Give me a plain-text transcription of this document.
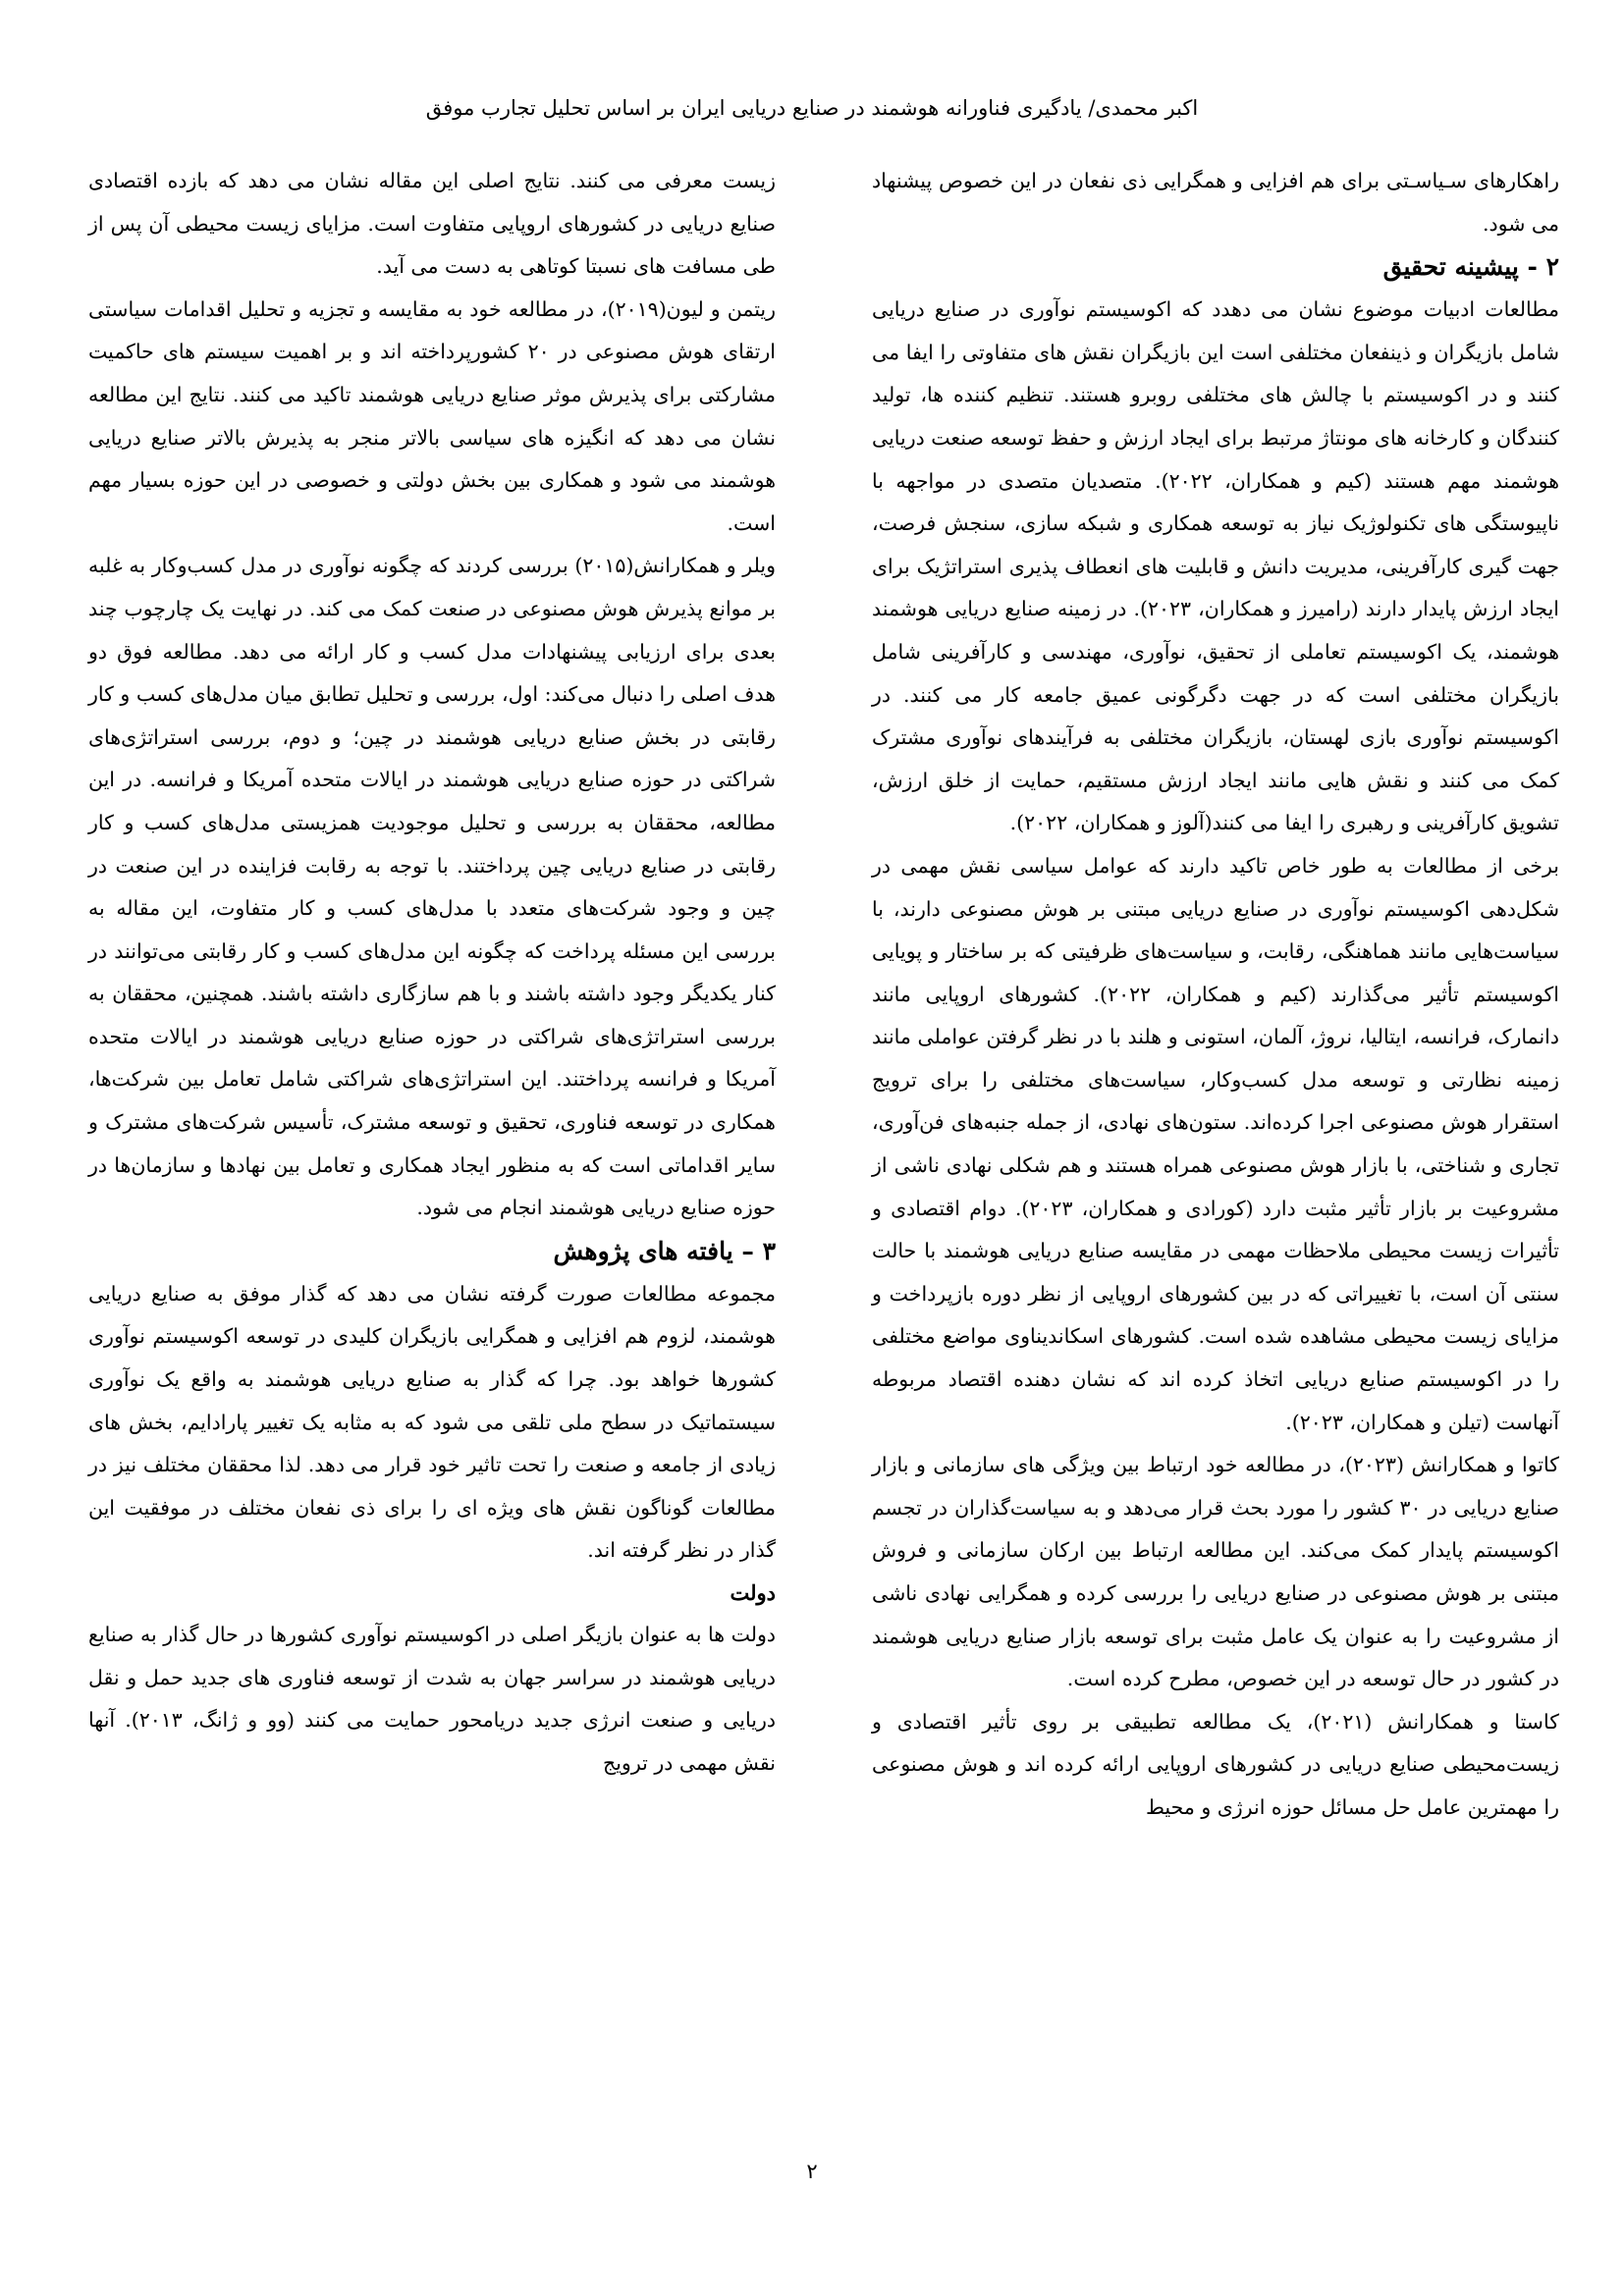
اکبر محمدی/ یادگیری فناورانه هوشمند در صنایع دریایی ایران بر اساس تحلیل تجارب موفق

راهکارهای سـیاسـتی برای هم افزایی و همگرایی ذی نفعان در این خصوص پیشنهاد می شود.

۲ - پیشینه تحقیق

مطالعات ادبیات موضوع نشان می دهدد که اکوسیستم نوآوری در صنایع دریایی شامل بازیگران و ذینفعان مختلفی است این بازیگران نقش های متفاوتی را ایفا می کنند و در اکوسیستم با چالش های مختلفی روبرو هستند. تنظیم کننده ها، تولید کنندگان و کارخانه های مونتاژ مرتبط برای ایجاد ارزش و حفظ توسعه صنعت دریایی هوشمند مهم هستند (کیم و همکاران، ۲۰۲۲). متصدیان متصدی در مواجهه با ناپیوستگی های تکنولوژیک نیاز به توسعه همکاری و شبکه سازی، سنجش فرصت، جهت گیری کارآفرینی، مدیریت دانش و قابلیت های انعطاف پذیری استراتژیک برای ایجاد ارزش پایدار دارند (رامیرز و همکاران، ۲۰۲۳). در زمینه صنایع دریایی هوشمند هوشمند، یک اکوسیستم تعاملی از تحقیق، نوآوری، مهندسی و کارآفرینی شامل بازیگران مختلفی است که در جهت دگرگونی عمیق جامعه کار می کنند. در اکوسیستم نوآوری بازی لهستان، بازیگران مختلفی به فرآیندهای نوآوری مشترک کمک می کنند و نقش هایی مانند ایجاد ارزش مستقیم، حمایت از خلق ارزش، تشویق کارآفرینی و رهبری را ایفا می کنند(آلوز و همکاران، ۲۰۲۲).

برخی از مطالعات به طور خاص تاکید دارند که عوامل سیاسی نقش مهمی در شکل‌دهی اکوسیستم نوآوری در صنایع دریایی مبتنی بر هوش مصنوعی دارند، با سیاست‌هایی مانند هماهنگی، رقابت، و سیاست‌های ظرفیتی که بر ساختار و پویایی اکوسیستم تأثیر می‌گذارند (کیم و همکاران، ۲۰۲۲). کشورهای اروپایی مانند دانمارک، فرانسه، ایتالیا، نروژ، آلمان، استونی و هلند با در نظر گرفتن عواملی مانند زمینه نظارتی و توسعه مدل کسب‌وکار، سیاست‌های مختلفی را برای ترویج استقرار هوش مصنوعی اجرا کرده‌اند. ستون‌های نهادی، از جمله جنبه‌های فن‌آوری، تجاری و شناختی، با بازار هوش مصنوعی همراه هستند و هم شکلی نهادی ناشی از مشروعیت بر بازار تأثیر مثبت دارد (کورادی و همکاران، ۲۰۲۳). دوام اقتصادی و تأثیرات زیست محیطی ملاحظات مهمی در مقایسه صنایع دریایی هوشمند با حالت سنتی آن است، با تغییراتی که در بین کشورهای اروپایی از نظر دوره بازپرداخت و مزایای زیست محیطی مشاهده شده است. کشورهای اسکاندیناوی مواضع مختلفی را در اکوسیستم صنایع دریایی اتخاذ کرده اند که نشان دهنده اقتصاد مربوطه آنهاست (تیلن و همکاران، ۲۰۲۳).

کاتوا و همکارانش (۲۰۲۳)، در مطالعه خود ارتباط بین ویژگی های سازمانی و بازار صنایع دریایی در ۳۰ کشور را مورد بحث قرار می‌دهد و به سیاست‌گذاران در تجسم اکوسیستم پایدار کمک می‌کند. این مطالعه ارتباط بین ارکان سازمانی و فروش مبتنی بر هوش مصنوعی در صنایع دریایی را بررسی کرده و همگرایی نهادی ناشی از مشروعیت را به عنوان یک عامل مثبت برای توسعه بازار صنایع دریایی هوشمند در کشور در حال توسعه در این خصوص، مطرح کرده است.

کاستا و همکارانش (۲۰۲۱)، یک مطالعه تطبیقی بر روی تأثیر اقتصادی و زیست‌محیطی صنایع دریایی در کشورهای اروپایی ارائه کرده اند و هوش مصنوعی را مهمترین عامل حل مسائل حوزه انرژی و محیط

زیست معرفی می کنند. نتایج اصلی این مقاله نشان می دهد که بازده اقتصادی صنایع دریایی در کشورهای اروپایی متفاوت است. مزایای زیست محیطی آن پس از طی مسافت های نسبتا کوتاهی به دست می آید.

ریتمن و لیون(۲۰۱۹)، در مطالعه خود به مقایسه و تجزیه و تحلیل اقدامات سیاستی ارتقای هوش مصنوعی در ۲۰ کشورپرداخته اند و بر اهمیت سیستم های حاکمیت مشارکتی برای پذیرش موثر صنایع دریایی هوشمند تاکید می کنند. نتایج این مطالعه نشان می دهد که انگیزه های سیاسی بالاتر منجر به پذیرش بالاتر صنایع دریایی هوشمند می شود و همکاری بین بخش دولتی و خصوصی در این حوزه بسیار مهم است.

ویلر و همکارانش(۲۰۱۵) بررسی کردند که چگونه نوآوری در مدل کسب‌وکار به غلبه بر موانع پذیرش هوش مصنوعی در صنعت کمک می کند. در نهایت یک چارچوب چند بعدی برای ارزیابی پیشنهادات مدل کسب و کار ارائه می دهد. مطالعه فوق دو هدف اصلی را دنبال می‌کند: اول، بررسی و تحلیل تطابق میان مدل‌های کسب و کار رقابتی در بخش صنایع دریایی هوشمند در چین؛ و دوم، بررسی استراتژی‌های شراکتی در حوزه صنایع دریایی هوشمند در ایالات متحده آمریکا و فرانسه. در این مطالعه، محققان به بررسی و تحلیل موجودیت همزیستی مدل‌های کسب و کار رقابتی در صنایع دریایی چین پرداختند. با توجه به رقابت فزاینده در این صنعت در چین و وجود شرکت‌های متعدد با مدل‌های کسب و کار متفاوت، این مقاله به بررسی این مسئله پرداخت که چگونه این مدل‌های کسب و کار رقابتی می‌توانند در کنار یکدیگر وجود داشته باشند و با هم سازگاری داشته باشند. همچنین، محققان به بررسی استراتژی‌های شراکتی در حوزه صنایع دریایی هوشمند در ایالات متحده آمریکا و فرانسه پرداختند. این استراتژی‌های شراکتی شامل تعامل بین شرکت‌ها، همکاری در توسعه فناوری، تحقیق و توسعه مشترک، تأسیس شرکت‌های مشترک و سایر اقداماتی است که به منظور ایجاد همکاری و تعامل بین نهادها و سازمان‌ها در حوزه صنایع دریایی هوشمند انجام می شود.

۳ – یافته های پژوهش

مجموعه مطالعات صورت گرفته نشان می دهد که گذار موفق به صنایع دریایی هوشمند، لزوم هم افزایی و همگرایی بازیگران کلیدی در توسعه اکوسیستم نوآوری کشورها خواهد بود. چرا که گذار به صنایع دریایی هوشمند به واقع یک نوآوری سیستماتیک در سطح ملی تلقی می شود که به مثابه یک تغییر پارادایم، بخش های زیادی از جامعه و صنعت را تحت تاثیر خود قرار می دهد. لذا محققان مختلف نیز در مطالعات گوناگون نقش های ویژه ای را برای ذی نفعان مختلف در موفقیت این گذار در نظر گرفته اند.

دولت

دولت ها به عنوان بازیگر اصلی در اکوسیستم نوآوری کشورها در حال گذار به صنایع دریایی هوشمند در سراسر جهان به شدت از توسعه فناوری های جدید حمل و نقل دریایی و صنعت انرژی جدید دریامحور حمایت می کنند (وو و ژانگ، ۲۰۱۳). آنها نقش مهمی در ترویج

۲
